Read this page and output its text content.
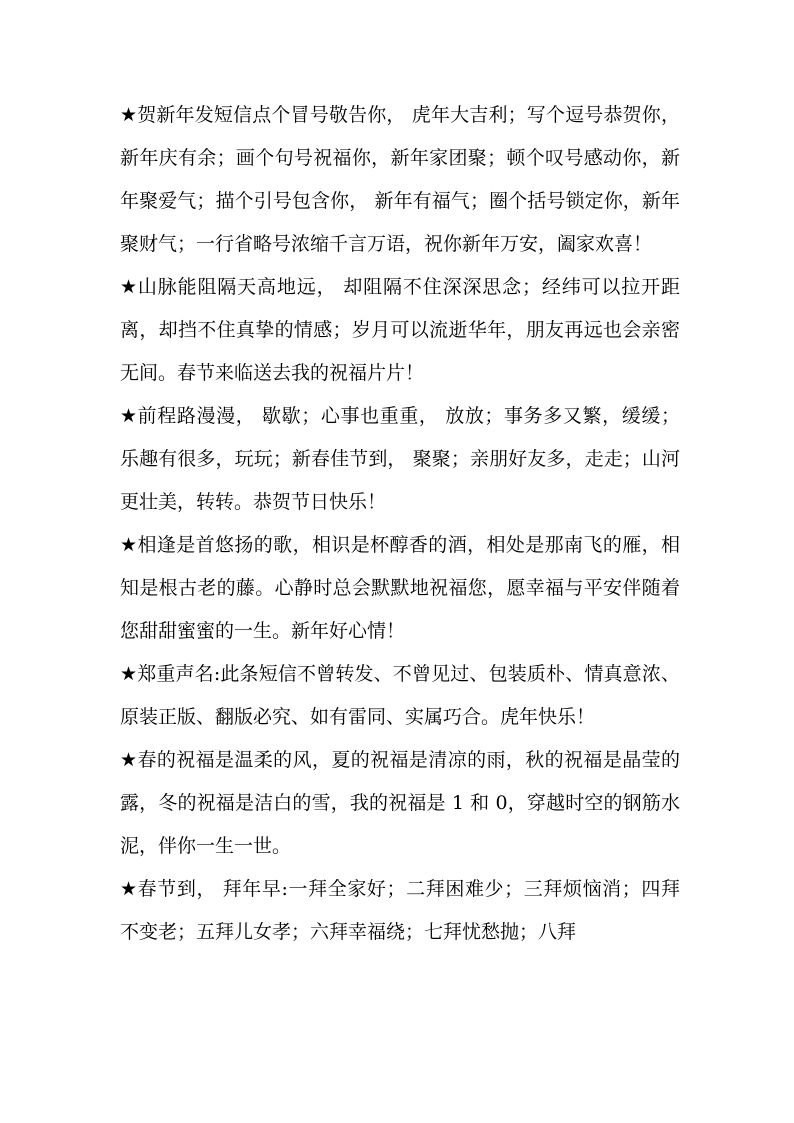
★贺新年发短信点个冒号敬告你， 虎年大吉利；写个逗号恭贺你，新年庆有余；画个句号祝福你，新年家团聚；顿个叹号感动你，新年聚爱气；描个引号包含你， 新年有福气；圈个括号锁定你，新年聚财气；一行省略号浓缩千言万语，祝你新年万安，阖家欢喜！

★山脉能阻隔天高地远， 却阻隔不住深深思念；经纬可以拉开距离，却挡不住真挚的情感；岁月可以流逝华年，朋友再远也会亲密无间。春节来临送去我的祝福片片！

★前程路漫漫， 歇歇；心事也重重， 放放；事务多又繁，缓缓；乐趣有很多，玩玩；新春佳节到， 聚聚；亲朋好友多，走走；山河更壮美，转转。恭贺节日快乐！

★相逢是首悠扬的歌，相识是杯醇香的酒，相处是那南飞的雁，相知是根古老的藤。心静时总会默默地祝福您，愿幸福与平安伴随着您甜甜蜜蜜的一生。新年好心情！

★郑重声名:此条短信不曾转发、不曾见过、包装质朴、情真意浓、原装正版、翻版必究、如有雷同、实属巧合。虎年快乐！

★春的祝福是温柔的风，夏的祝福是清凉的雨，秋的祝福是晶莹的露，冬的祝福是洁白的雪，我的祝福是 1 和 0，穿越时空的钢筋水泥，伴你一生一世。

★春节到， 拜年早:一拜全家好；二拜困难少；三拜烦恼消；四拜不变老；五拜儿女孝；六拜幸福绕；七拜忧愁抛；八拜
